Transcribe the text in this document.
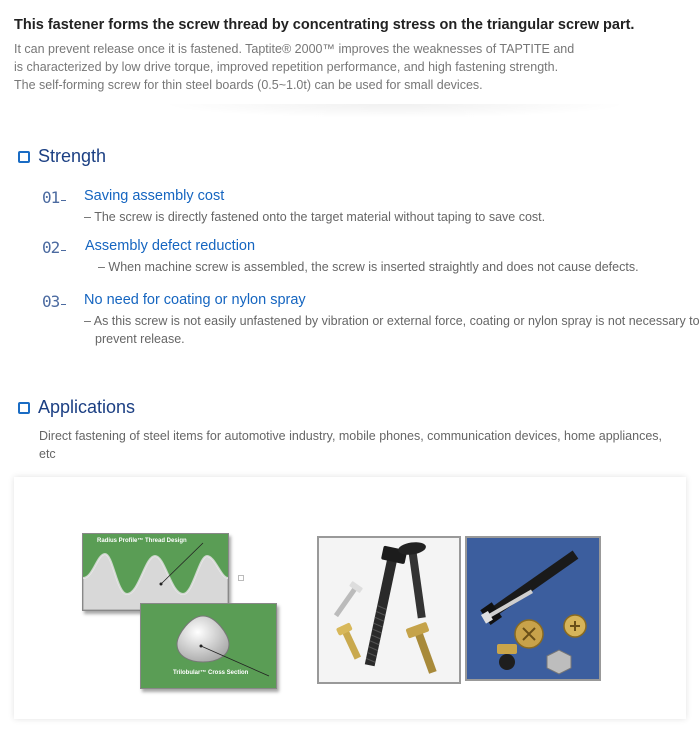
This fastener forms the screw thread by concentrating stress on the triangular screw part.
It can prevent release once it is fastened. Taptite® 2000™ improves the weaknesses of TAPTITE and
is characterized by low drive torque, improved repetition performance, and high fastening strength.
The self-forming screw for thin steel boards (0.5~1.0t) can be used for small devices.
Strength
01	Saving assembly cost
– The screw is directly fastened onto the target material without taping to save cost.
02	Assembly defect reduction
– When machine screw is assembled, the screw is inserted straightly and does not cause defects.
03	No need for coating or nylon spray
– As this screw is not easily unfastened by vibration or external force, coating or nylon spray is not necessary to prevent release.
Applications
Direct fastening of steel items for automotive industry, mobile phones, communication devices, home appliances, etc
Radius Profile™ Thread Design
Trilobular™ Cross Section
